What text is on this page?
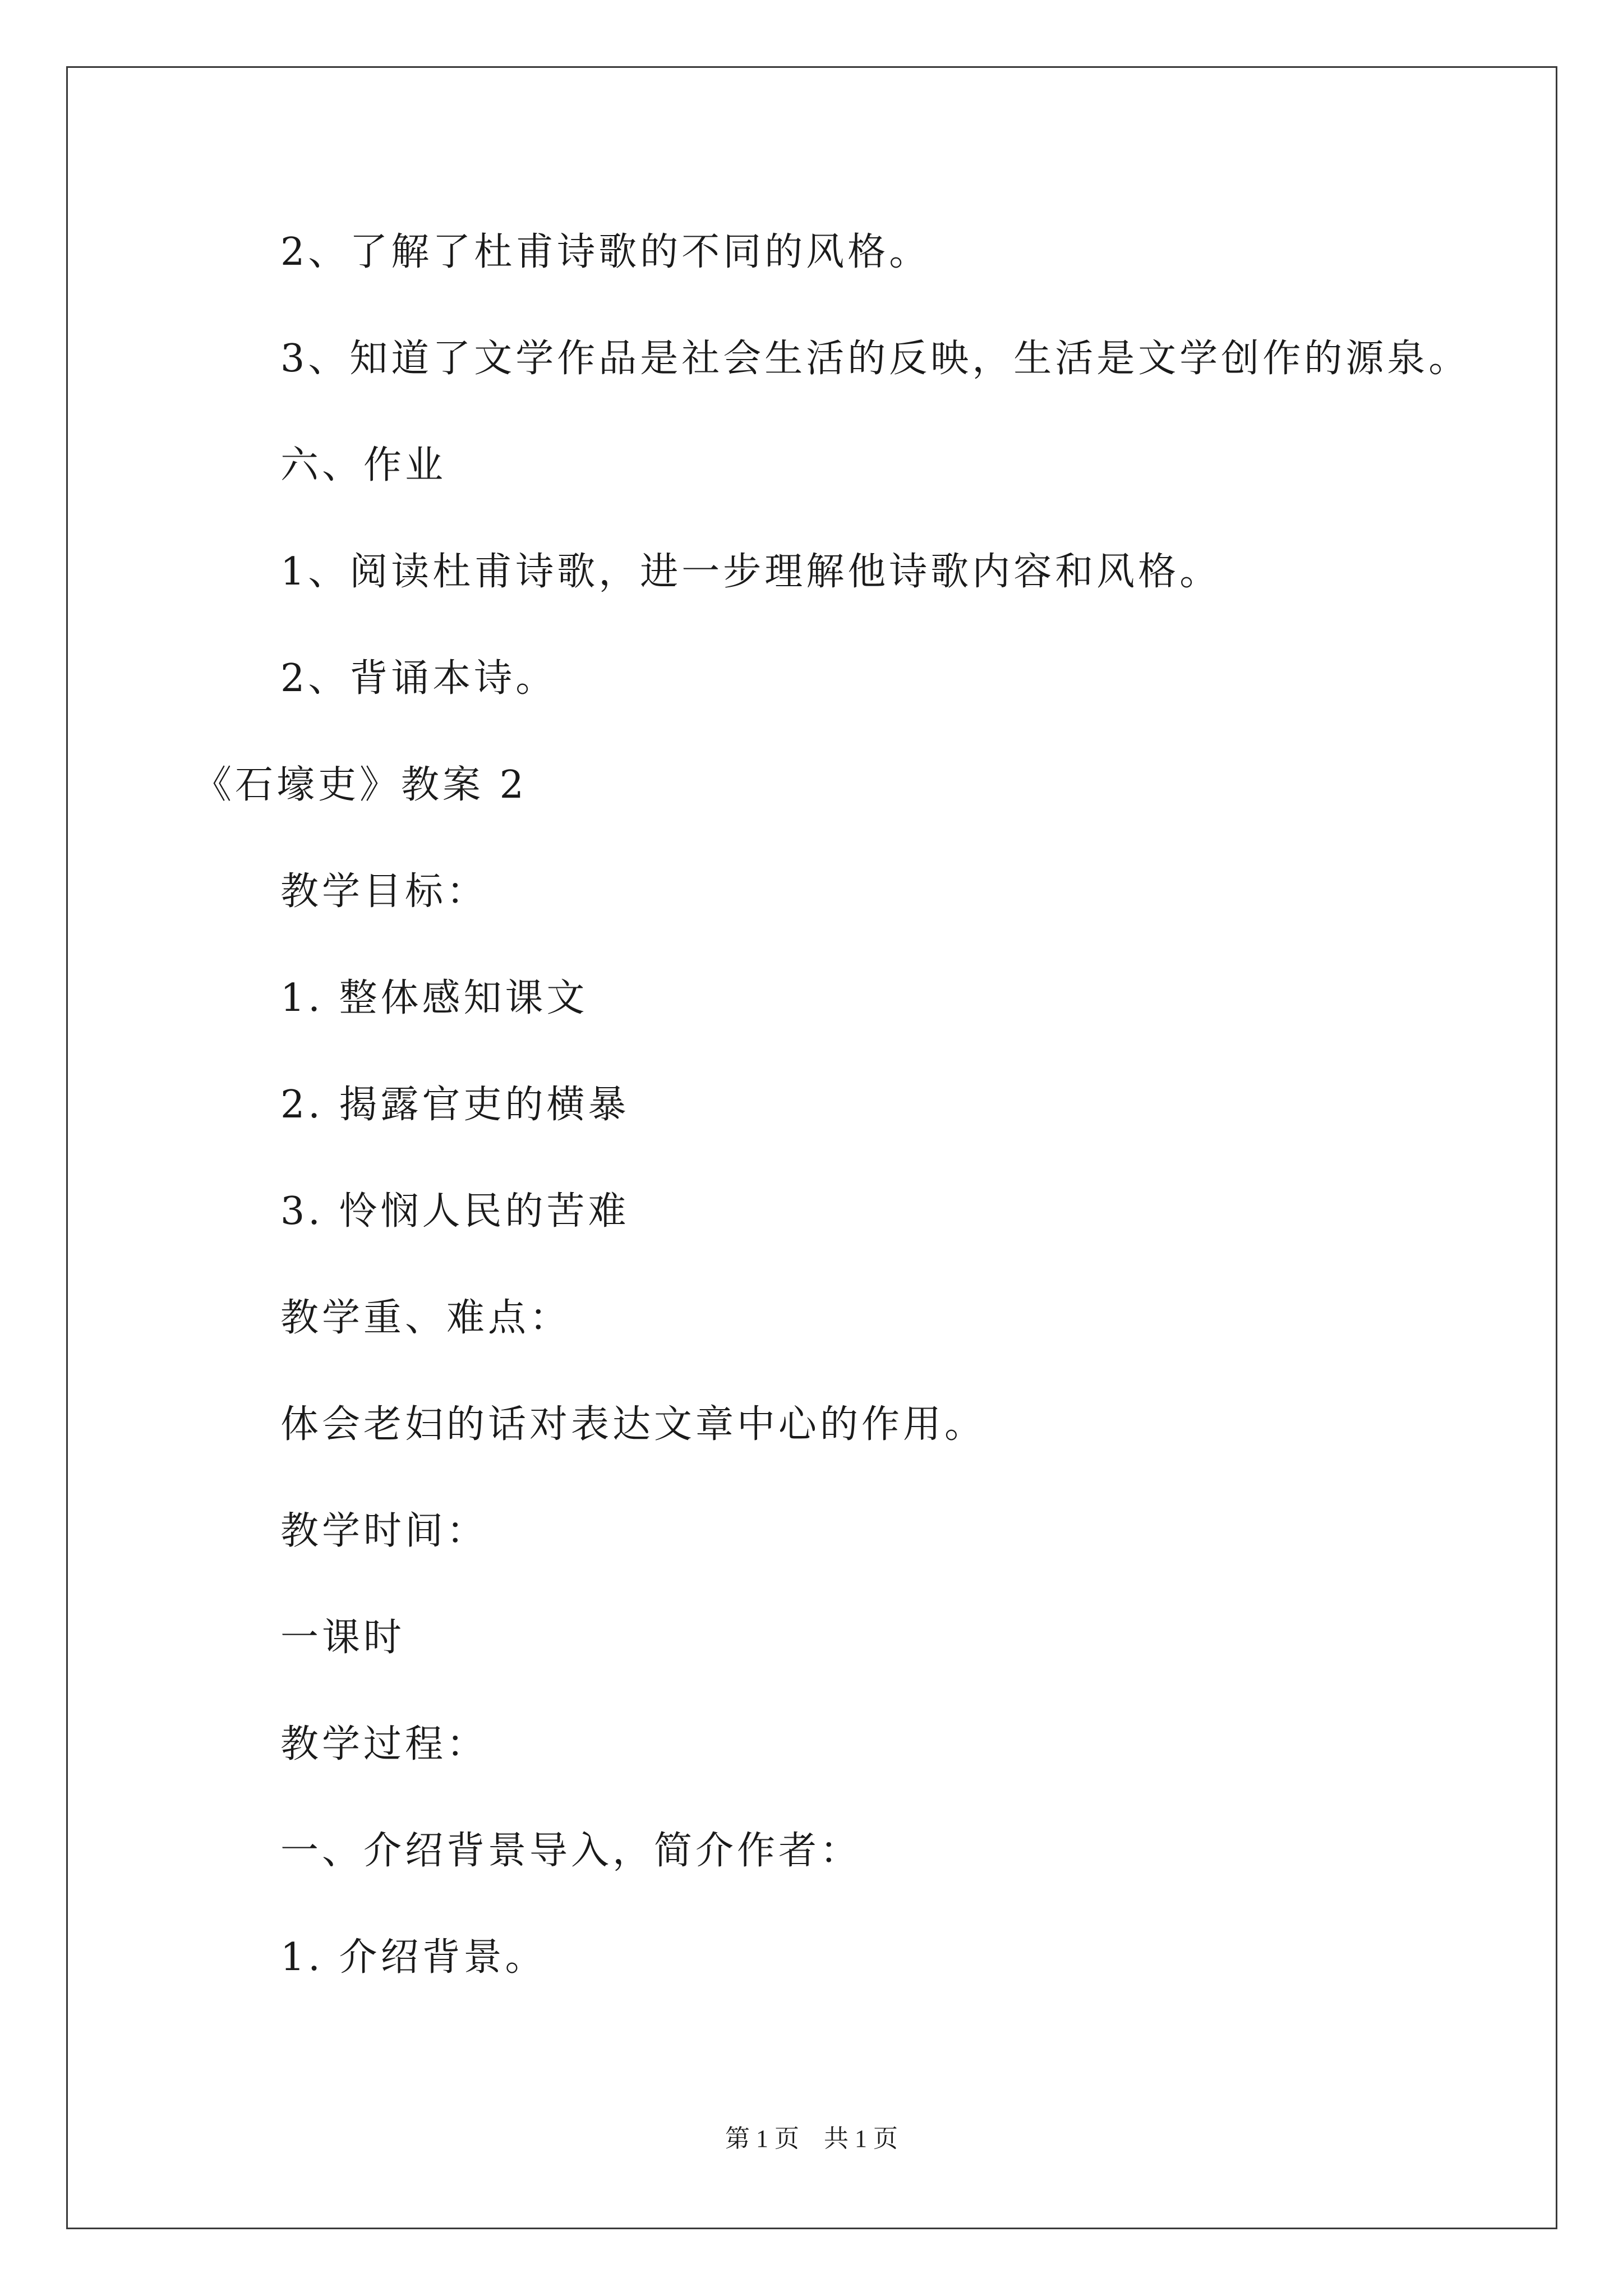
2、了解了杜甫诗歌的不同的风格。
3、知道了文学作品是社会生活的反映，生活是文学创作的源泉。
六、作业
1、阅读杜甫诗歌，进一步理解他诗歌内容和风格。
2、背诵本诗。
《石壕吏》教案 2
教学目标：
1. 整体感知课文
2. 揭露官吏的横暴
3. 怜悯人民的苦难
教学重、难点：
体会老妇的话对表达文章中心的作用。
教学时间：
一课时
教学过程：
一、介绍背景导入，简介作者：
1. 介绍背景。
第 1 页    共 1 页
